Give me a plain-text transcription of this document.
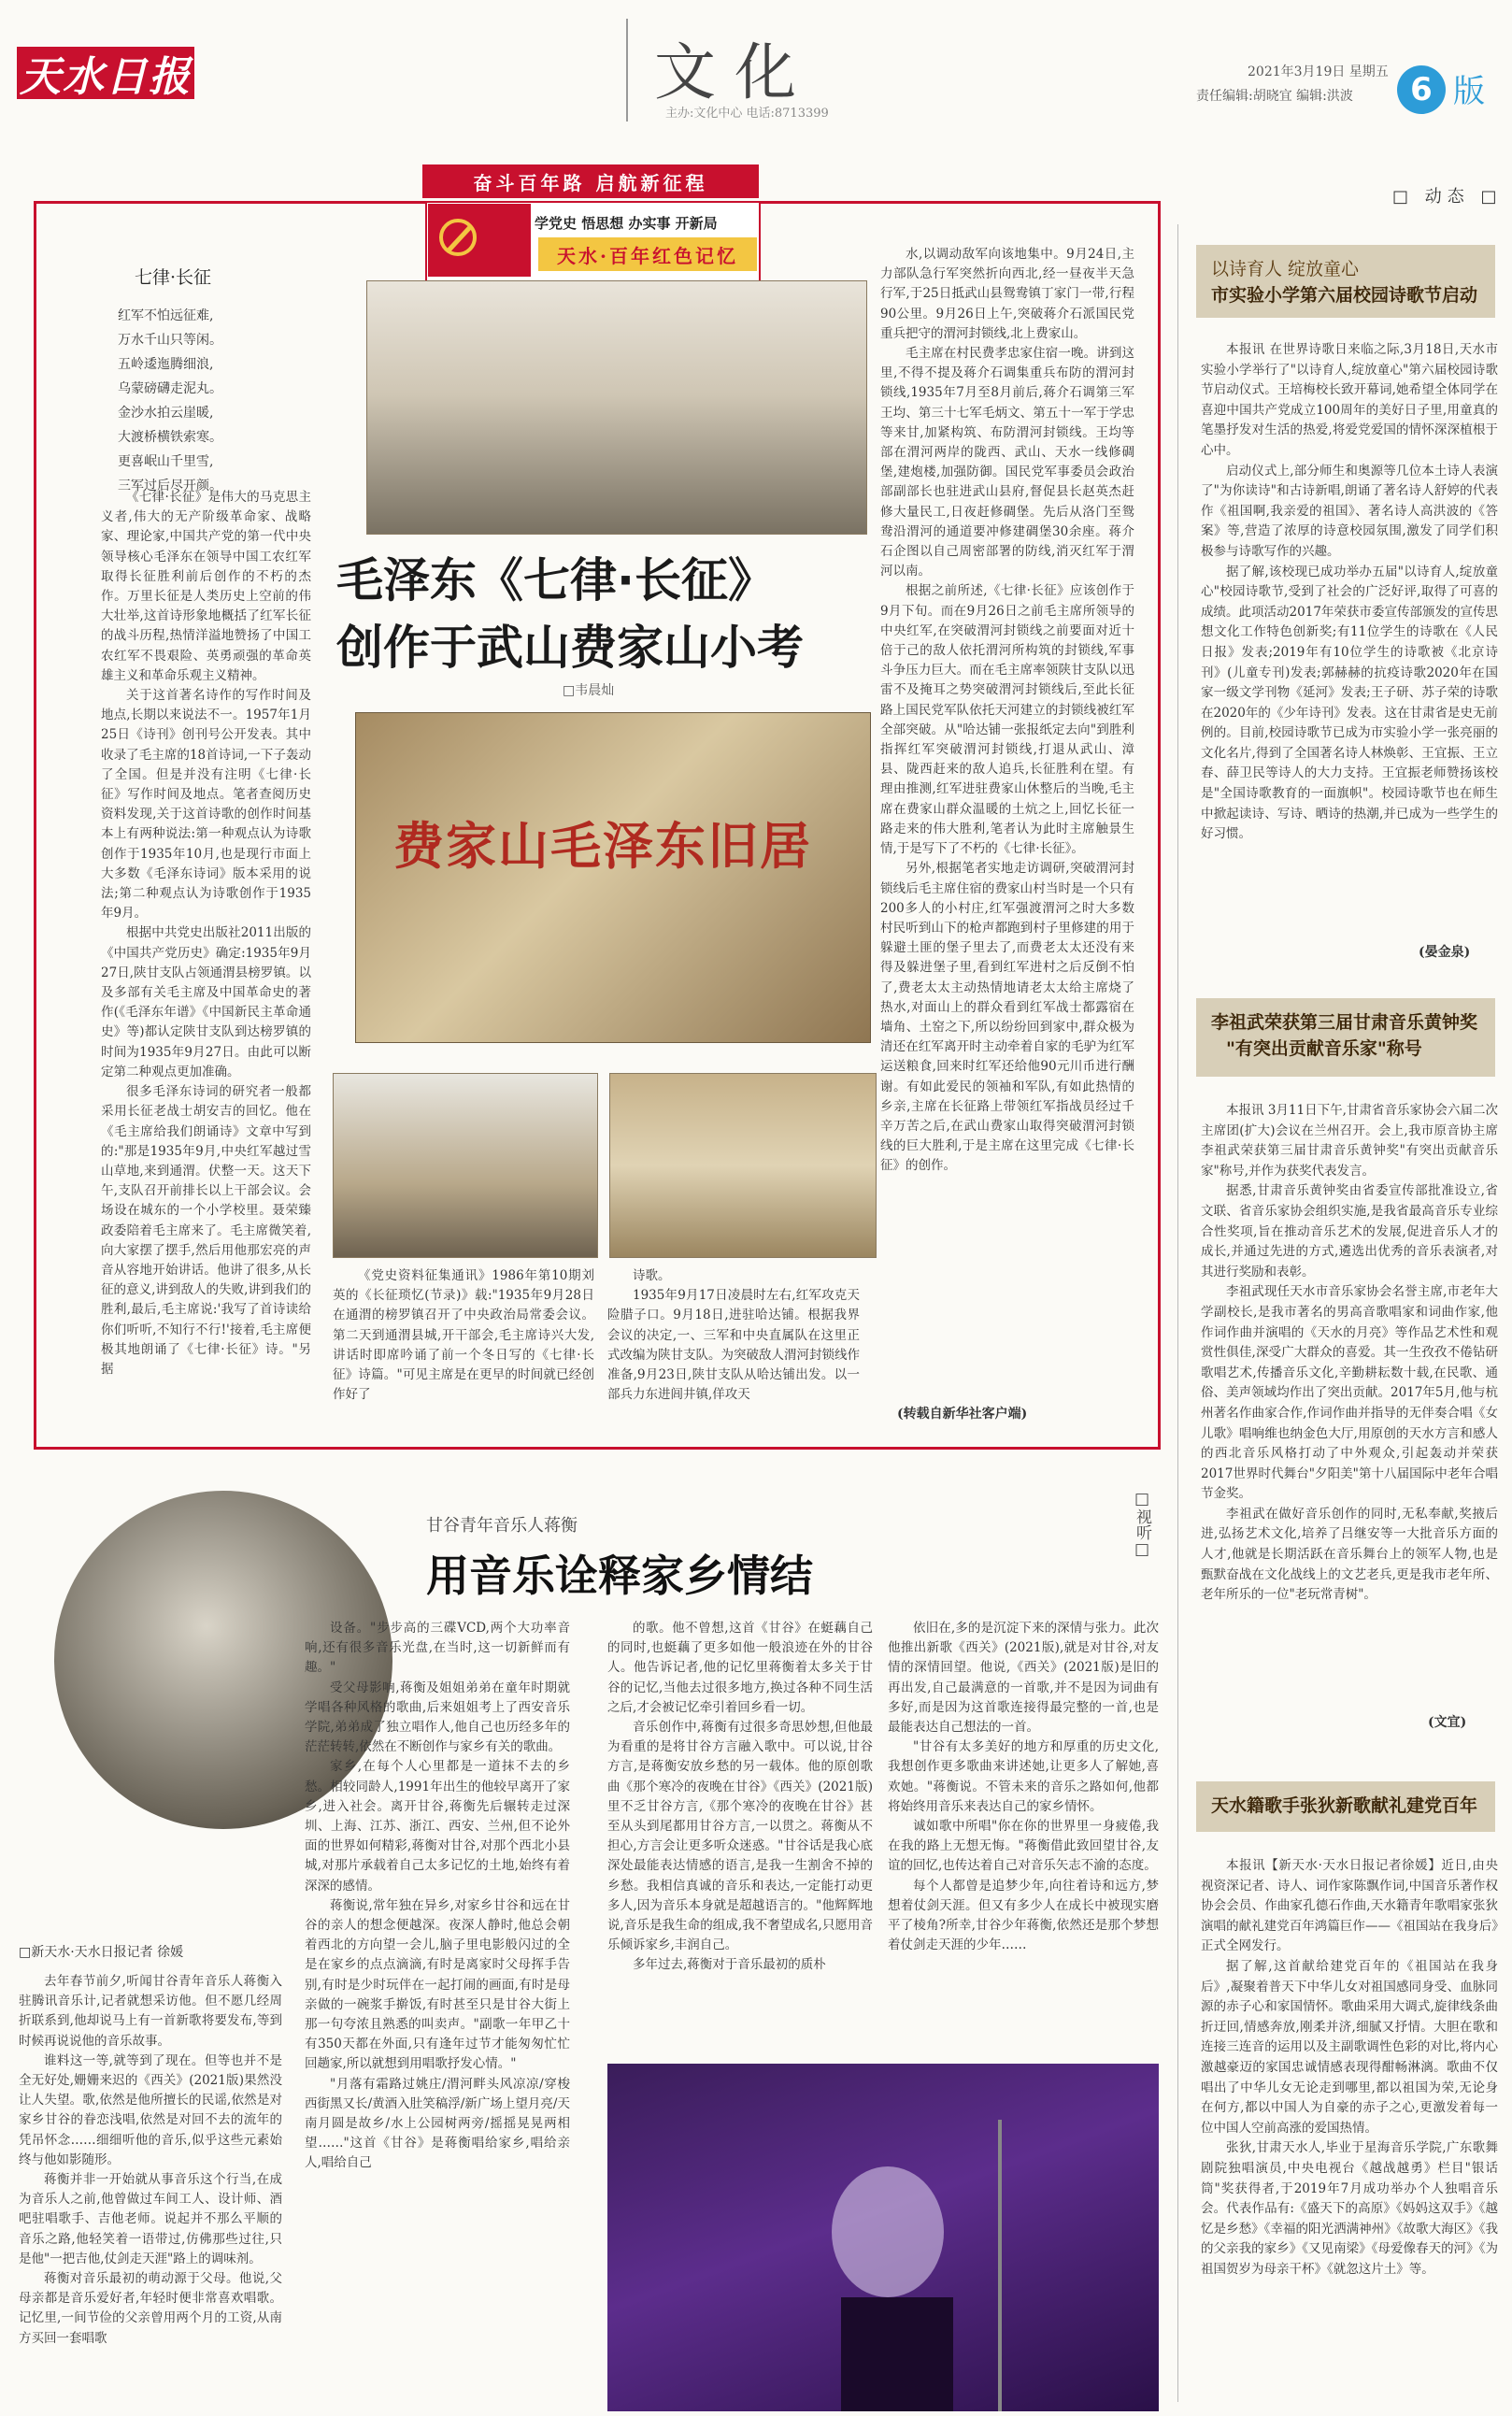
天水日报	文化
主办:文化中心 电话:8713399
2021年3月19日 星期五
责任编辑:胡晓宜 编辑:洪波	6 版
□ 动态 □
奋斗百年路 启航新征程
学党史 悟思想 办实事 开新局
天水·百年红色记忆
七律·长征
红军不怕远征难,
万水千山只等闲。
五岭逶迤腾细浪,
乌蒙磅礴走泥丸。
金沙水拍云崖暖,
大渡桥横铁索寒。
更喜岷山千里雪,
三军过后尽开颜。
毛泽东《七律·长征》
创作于武山费家山小考
□韦晨灿
费家山毛泽东旧居

《七律·长征》是伟大的马克思主义者,伟大的无产阶级革命家、战略家、理论家,中国共产党的第一代中央领导核心毛泽东在领导中国工农红军取得长征胜利前后创作的不朽的杰作。万里长征是人类历史上空前的伟大壮举,这首诗形象地概括了红军长征的战斗历程,热情洋溢地赞扬了中国工农红军不畏艰险、英勇顽强的革命英雄主义和革命乐观主义精神。

关于这首著名诗作的写作时间及地点,长期以来说法不一。1957年1月25日《诗刊》创刊号公开发表。其中收录了毛主席的18首诗词,一下子轰动了全国。但是并没有注明《七律·长征》写作时间及地点。笔者查阅历史资料发现,关于这首诗歌的创作时间基本上有两种说法:第一种观点认为诗歌创作于1935年10月,也是现行市面上大多数《毛泽东诗词》版本采用的说法;第二种观点认为诗歌创作于1935年9月。

根据中共党史出版社2011出版的《中国共产党历史》确定:1935年9月27日,陕甘支队占领通渭县榜罗镇。以及多部有关毛主席及中国革命史的著作(《毛泽东年谱》《中国新民主革命通史》等)都认定陕甘支队到达榜罗镇的时间为1935年9月27日。由此可以断定第二种观点更加准确。

很多毛泽东诗词的研究者一般都采用长征老战士胡安吉的回忆。他在《毛主席给我们朗诵诗》文章中写到的:"那是1935年9月,中央红军越过雪山草地,来到通渭。伏整一天。这天下午,支队召开前排长以上干部会议。会场设在城东的一个小学校里。聂荣臻政委陪着毛主席来了。毛主席微笑着,向大家摆了摆手,然后用他那宏亮的声音从容地开始讲话。他讲了很多,从长征的意义,讲到敌人的失败,讲到我们的胜利,最后,毛主席说:'我写了首诗读给你们听听,不知行不行!'接着,毛主席便极其地朗诵了《七律·长征》诗。"另据

《党史资料征集通讯》1986年第10期刘英的《长征琐忆(节录)》载:"1935年9月28日在通渭的榜罗镇召开了中央政治局常委会议。第二天到通渭县城,开干部会,毛主席诗兴大发,讲话时即席吟诵了前一个冬日写的《七律·长征》诗篇。"可见主席是在更早的时间就已经创作好了

诗歌。

1935年9月17日凌晨时左右,红军攻克天险腊子口。9月18日,进驻哈达铺。根据我界会议的决定,一、三军和中央直属队在这里正式改编为陕甘支队。为突破敌人渭河封锁线作准备,9月23日,陕甘支队从哈达铺出发。以一部兵力东进闾井镇,佯攻天

水,以调动敌军向该地集中。9月24日,主力部队急行军突然折向西北,经一昼夜半天急行军,于25日抵武山县鸳鸯镇丁家门一带,行程90公里。9月26日上午,突破蒋介石派国民党重兵把守的渭河封锁线,北上费家山。

毛主席在村民费孝忠家住宿一晚。讲到这里,不得不提及蒋介石调集重兵布防的渭河封锁线,1935年7月至8月前后,蒋介石调第三军王均、第三十七军毛炳文、第五十一军于学忠等来甘,加紧构筑、布防渭河封锁线。王均等部在渭河两岸的陇西、武山、天水一线修碉堡,建炮楼,加强防御。国民党军事委员会政治部副部长也驻进武山县府,督促县长赵英杰赶修大量民工,日夜赶修碉堡。先后从洛门至鸳鸯沿渭河的通道要冲修建碉堡30余座。蒋介石企图以自己周密部署的防线,消灭红军于渭河以南。

根据之前所述,《七律·长征》应该创作于9月下旬。而在9月26日之前毛主席所领导的中央红军,在突破渭河封锁线之前要面对近十倍于己的敌人依托渭河所构筑的封锁线,军事斗争压力巨大。而在毛主席率领陕甘支队以迅雷不及掩耳之势突破渭河封锁线后,至此长征路上国民党军队依托天河建立的封锁线被红军全部突破。从"哈达铺一张报纸定去向"到胜利指挥红军突破渭河封锁线,打退从武山、漳县、陇西赶来的敌人追兵,长征胜利在望。有理由推测,红军进驻费家山休整后的当晚,毛主席在费家山群众温暖的土炕之上,回忆长征一路走来的伟大胜利,笔者认为此时主席触景生情,于是写下了不朽的《七律·长征》。

另外,根据笔者实地走访调研,突破渭河封锁线后毛主席住宿的费家山村当时是一个只有200多人的小村庄,红军强渡渭河之时大多数村民听到山下的枪声都跑到村子里修建的用于躲避土匪的堡子里去了,而费老太太还没有来得及躲进堡子里,看到红军进村之后反倒不怕了,费老太太主动热情地请老太太给主席烧了热水,对面山上的群众看到红军战士都露宿在墙角、土窑之下,所以纷纷回到家中,群众极为清还在红军离开时主动牵着自家的毛驴为红军运送粮食,回来时红军还给他90元川币进行酬谢。有如此爱民的领袖和军队,有如此热情的乡亲,主席在长征路上带领红军指战员经过千辛万苦之后,在武山费家山取得突破渭河封锁线的巨大胜利,于是主席在这里完成《七律·长征》的创作。

(转载自新华社客户端)
以诗育人 绽放童心
市实验小学第六届校园诗歌节启动

本报讯 在世界诗歌日来临之际,3月18日,天水市实验小学举行了"以诗育人,绽放童心"第六届校园诗歌节启动仪式。王培梅校长致开幕词,她希望全体同学在喜迎中国共产党成立100周年的美好日子里,用童真的笔墨抒发对生活的热爱,将爱党爱国的情怀深深植根于心中。

启动仪式上,部分师生和奥源等几位本土诗人表演了"为你读诗"和古诗新唱,朗诵了著名诗人舒婷的代表作《祖国啊,我亲爱的祖国》、著名诗人高洪波的《答案》等,营造了浓厚的诗意校园氛围,激发了同学们积极参与诗歌写作的兴趣。

据了解,该校现已成功举办五届"以诗育人,绽放童心"校园诗歌节,受到了社会的广泛好评,取得了可喜的成绩。此项活动2017年荣获市委宣传部颁发的宣传思想文化工作特色创新奖;有11位学生的诗歌在《人民日报》发表;2019年有10位学生的诗歌被《北京诗刊》(儿童专刊)发表;郭赫赫的抗疫诗歌2020年在国家一级文学刊物《延河》发表;王子研、苏子荣的诗歌在2020年的《少年诗刊》发表。这在甘肃省是史无前例的。目前,校园诗歌节已成为市实验小学一张亮丽的文化名片,得到了全国著名诗人林焕彰、王宜振、王立春、薛卫民等诗人的大力支持。王宜振老师赞扬该校是"全国诗歌教育的一面旗帜"。校园诗歌节也在师生中掀起读诗、写诗、晒诗的热潮,并已成为一些学生的好习惯。

(晏金泉)
李祖武荣获第三届甘肃音乐黄钟奖
"有突出贡献音乐家"称号

本报讯 3月11日下午,甘肃省音乐家协会六届二次主席团(扩大)会议在兰州召开。会上,我市原音协主席李祖武荣获第三届甘肃音乐黄钟奖"有突出贡献音乐家"称号,并作为获奖代表发言。

据悉,甘肃音乐黄钟奖由省委宣传部批准设立,省文联、省音乐家协会组织实施,是我省最高音乐专业综合性奖项,旨在推动音乐艺术的发展,促进音乐人才的成长,并通过先进的方式,遴选出优秀的音乐表演者,对其进行奖励和表彰。

李祖武现任天水市音乐家协会名誉主席,市老年大学副校长,是我市著名的男高音歌唱家和词曲作家,他作词作曲并演唱的《天水的月亮》等作品艺术性和观赏性俱佳,深受广大群众的喜爱。其一生孜孜不倦钻研歌唱艺术,传播音乐文化,辛勤耕耘数十载,在民歌、通俗、美声领域均作出了突出贡献。2017年5月,他与杭州著名作曲家合作,作词作曲并指导的无伴奏合唱《女儿歌》唱响维也纳金色大厅,用原创的天水方言和感人的西北音乐风格打动了中外观众,引起轰动并荣获2017世界时代舞台"夕阳美"第十八届国际中老年合唱节金奖。

李祖武在做好音乐创作的同时,无私奉献,奖掖后进,弘扬艺术文化,培养了吕继安等一大批音乐方面的人才,他就是长期活跃在音乐舞台上的领军人物,也是甄默奋战在文化战线上的文艺老兵,更是我市老年所、老年所乐的一位"老玩常青树"。

(文宜)
天水籍歌手张狄新歌献礼建党百年

本报讯【新天水·天水日报记者徐媛】近日,由央视资深记者、诗人、词作家陈飘作词,中国音乐著作权协会会员、作曲家孔德石作曲,天水籍青年歌唱家张狄演唱的献礼建党百年鸿篇巨作——《祖国站在我身后》正式全网发行。

据了解,这首献给建党百年的《祖国站在我身后》,凝聚着普天下中华儿女对祖国感同身受、血脉同源的赤子心和家国情怀。歌曲采用大调式,旋律线条曲折迂回,情感奔放,刚柔并济,细腻又抒情。大胆在歌和连接三连音的运用以及主副歌调性色彩的对比,将内心激越豪迈的家国忠诚情感表现得酣畅淋漓。歌曲不仅唱出了中华儿女无论走到哪里,都以祖国为荣,无论身在何方,都以中国人为自豪的赤子之心,更激发着每一位中国人空前高涨的爱国热情。

张狄,甘肃天水人,毕业于星海音乐学院,广东歌舞剧院独唱演员,中央电视台《越战越勇》栏目"银话筒"奖获得者,于2019年7月成功举办个人独唱音乐会。代表作品有:《盛天下的高原》《妈妈这双手》《越忆是乡愁》《幸福的阳光洒满神州》《故歌大海区》《我的父亲我的家乡》《又见南梁》《母爱像春天的河》《为祖国贺岁为母亲干杯》《就忽这片土》等。

甘谷青年音乐人蒋衡
用音乐诠释家乡情结
□视听□
□新天水·天水日报记者 徐媛

去年春节前夕,听闻甘谷青年音乐人蒋衡入驻腾讯音乐计,记者就想采访他。但不愿几经周折联系到,他却说马上有一首新歌将要发布,等到时候再说说他的音乐故事。

谁料这一等,就等到了现在。但等也并不是全无好处,姗姗来迟的《西关》(2021版)果然没让人失望。歌,依然是他所擅长的民谣,依然是对家乡甘谷的眷恋浅唱,依然是对回不去的流年的凭吊怀念……细细听他的音乐,似乎这些元素始终与他如影随形。

蒋衡并非一开始就从事音乐这个行当,在成为音乐人之前,他曾做过车间工人、设计师、酒吧驻唱歌手、吉他老师。说起并不那么平顺的音乐之路,他轻笑着一语带过,仿佛那些过往,只是他"一把吉他,仗剑走天涯"路上的调味剂。

蒋衡对音乐最初的萌动源于父母。他说,父母亲都是音乐爱好者,年轻时便非常喜欢唱歌。记忆里,一间节俭的父亲曾用两个月的工资,从南方买回一套唱歌

设备。"步步高的三碟VCD,两个大功率音响,还有很多音乐光盘,在当时,这一切新鲜而有趣。"

受父母影响,蒋衡及姐姐弟弟在童年时期就学唱各种风格的歌曲,后来姐姐考上了西安音乐学院,弟弟成了独立唱作人,他自己也历经多年的茫茫转转,依然在不断创作与家乡有关的歌曲。

家乡,在每个人心里都是一道抹不去的乡愁。相较同龄人,1991年出生的他较早离开了家乡,进入社会。离开甘谷,蒋衡先后辗转走过深圳、上海、江苏、浙江、西安、兰州,但不论外面的世界如何精彩,蒋衡对甘谷,对那个西北小县城,对那片承载着自己太多记忆的土地,始终有着深深的感情。

蒋衡说,常年独在异乡,对家乡甘谷和远在甘谷的亲人的想念便越深。夜深人静时,他总会朝着西北的方向望一会儿,脑子里电影般闪过的全是在家乡的点点滴滴,有时是离家时父母挥手告别,有时是少时玩伴在一起打闹的画面,有时是母亲做的一碗浆手擀饭,有时甚至只是甘谷大街上那一句夸浓且熟悉的叫卖声。"副歌一年甲乙十有350天都在外面,只有逢年过节才能匆匆忙忙回趟家,所以就想到用唱歌抒发心情。"

"月落有霜路过姚庄/渭河畔头风凉凉/穿梭西街黑又长/黄酒入肚笑稿浮/新广场上望月亮/天南月圆是故乡/水上公园树两旁/摇摇晃晃两相望……"这首《甘谷》是蒋衡唱给家乡,唱给亲人,唱给自己

的歌。他不曾想,这首《甘谷》在蜓藕自己的同时,也蜓藕了更多如他一般浪迹在外的甘谷人。他告诉记者,他的记忆里蒋衡着太多关于甘谷的记忆,当他去过很多地方,换过各种不同生活之后,才会被记忆牵引着回乡看一切。

音乐创作中,蒋衡有过很多奇思妙想,但他最为看重的是将甘谷方言融入歌中。可以说,甘谷方言,是蒋衡安放乡愁的另一载体。他的原创歌曲《那个寒冷的夜晚在甘谷》《西关》(2021版)里不乏甘谷方言,《那个寒冷的夜晚在甘谷》甚至从头到尾都用甘谷方言,一以贯之。蒋衡从不担心,方言会让更多听众迷惑。"甘谷话是我心底深处最能表达情感的语言,是我一生割舍不掉的乡愁。我相信真诚的音乐和表达,一定能打动更多人,因为音乐本身就是超越语言的。"他辉辉地说,音乐是我生命的组成,我不奢望成名,只愿用音乐倾诉家乡,丰润自己。

多年过去,蒋衡对于音乐最初的质朴

依旧在,多的是沉淀下来的深情与张力。此次他推出新歌《西关》(2021版),就是对甘谷,对友情的深情回望。他说,《西关》(2021版)是旧的再出发,自己最满意的一首歌,并不是因为词曲有多好,而是因为这首歌连接得最完整的一首,也是最能表达自己想法的一首。

"甘谷有太多美好的地方和厚重的历史文化,我想创作更多歌曲来讲述她,让更多人了解她,喜欢她。"蒋衡说。不管未来的音乐之路如何,他都将始终用音乐来表达自己的家乡情怀。

诚如歌中所唱"你在你的世界里一身疲倦,我在我的路上无想无悔。"蒋衡借此致回望甘谷,友谊的回忆,也传达着自己对音乐矢志不渝的态度。

每个人都曾是追梦少年,向往着诗和远方,梦想着仗剑天涯。但又有多少人在成长中被现实磨平了棱角?所幸,甘谷少年蒋衡,依然还是那个梦想着仗剑走天涯的少年……
